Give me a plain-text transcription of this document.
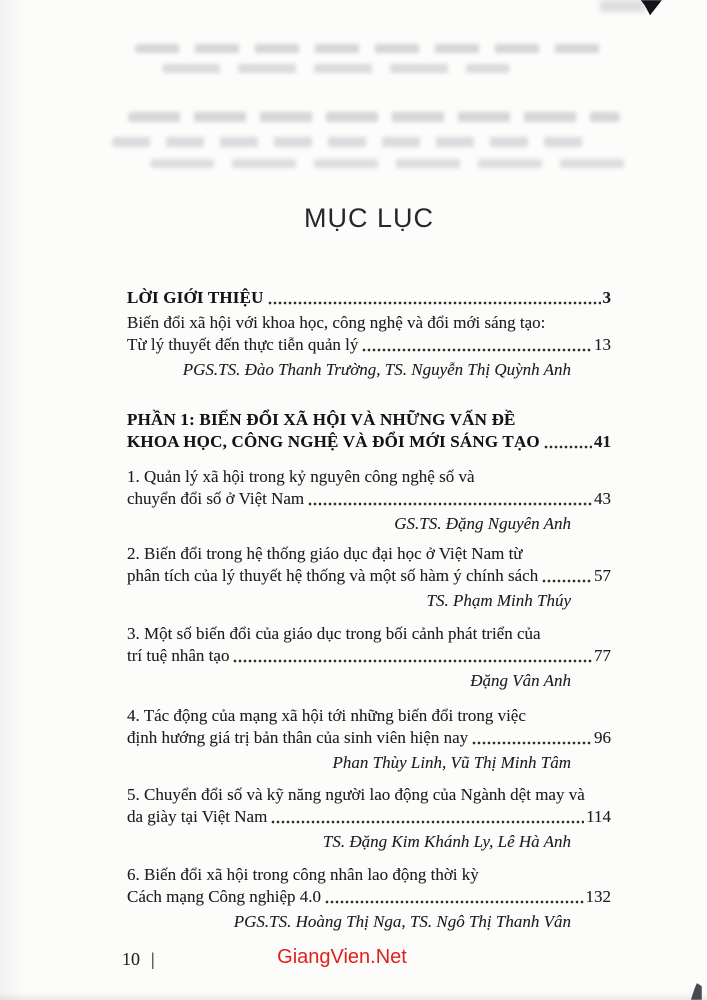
MỤC LỤC
LỜI GIỚI THIỆU	3
Biến đổi xã hội với khoa học, công nghệ và đổi mới sáng tạo:
Từ lý thuyết đến thực tiễn quản lý	13
PGS.TS. Đào Thanh Trường, TS. Nguyễn Thị Quỳnh Anh
PHẦN 1: BIẾN ĐỔI XÃ HỘI VÀ NHỮNG VẤN ĐỀ
KHOA HỌC, CÔNG NGHỆ VÀ ĐỔI MỚI SÁNG TẠO	41
1. Quản lý xã hội trong kỷ nguyên công nghệ số và
chuyển đổi số ở Việt Nam	43
GS.TS. Đặng Nguyên Anh
2. Biến đổi trong hệ thống giáo dục đại học ở Việt Nam từ
phân tích của lý thuyết hệ thống và một số hàm ý chính sách	57
TS. Phạm Minh Thúy
3. Một số biến đổi của giáo dục trong bối cảnh phát triển của
trí tuệ nhân tạo	77
Đặng Vân Anh
4. Tác động của mạng xã hội tới những biến đổi trong việc
định hướng giá trị bản thân của sinh viên hiện nay	96
Phan Thùy Linh, Vũ Thị Minh Tâm
5. Chuyển đổi số và kỹ năng người lao động của Ngành dệt may và
da giày tại Việt Nam	114
TS. Đặng Kim Khánh Ly, Lê Hà Anh
6. Biến đổi xã hội trong công nhân lao động thời kỳ
Cách mạng Công nghiệp 4.0	132
PGS.TS. Hoàng Thị Nga, TS. Ngô Thị Thanh Vân
10 |	GiangVien.Net
